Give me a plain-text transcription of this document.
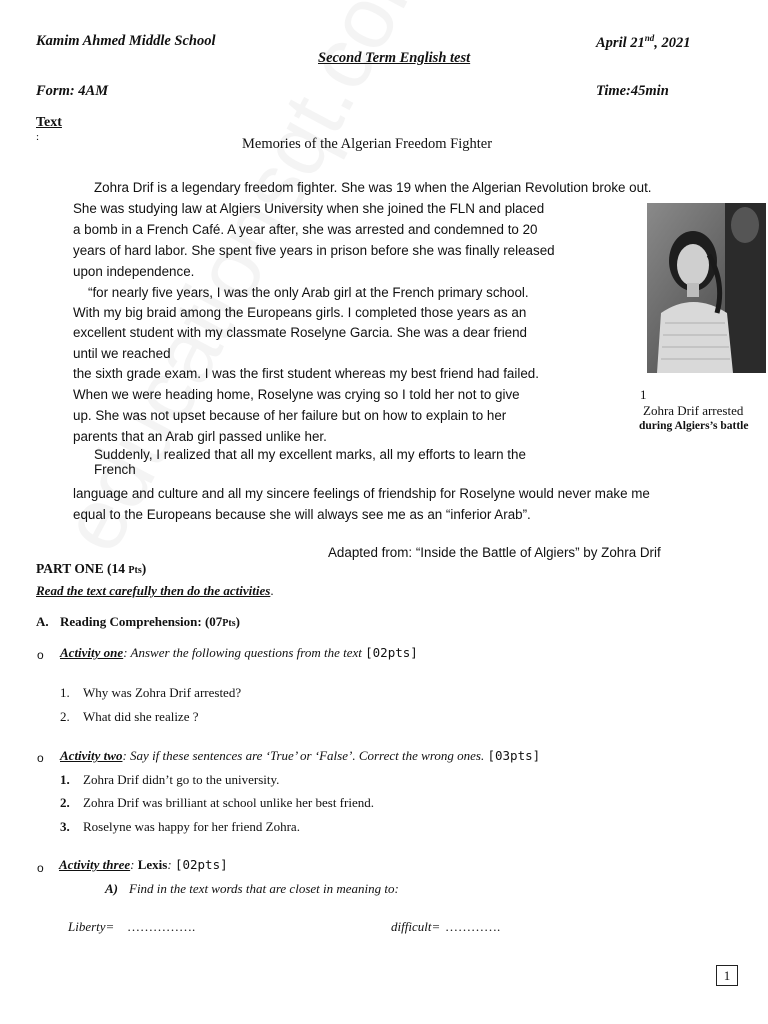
Kamim Ahmed Middle School	April 21nd, 2021
Second Term English test
Form: 4AM	Time:45min
Text
:	Memories of the Algerian Freedom Fighter
Zohra Drif is a legendary freedom fighter. She was 19 when the Algerian Revolution broke out.
She was studying law at Algiers University when she joined the FLN and placed
a bomb in a French Café. A year after, she was arrested and condemned to 20
years of hard labor. She spent five years in prison before she was finally released
upon independence.
“for nearly five years, I was the only Arab girl at the French primary school.
With my big braid among the Europeans girls. I completed those years as an
excellent student with my classmate Roselyne Garcia. She was a dear friend
until we reached
the sixth grade exam. I was the first student whereas my best friend had failed.
When we were heading home, Roselyne was crying so I told her not to give
up. She was not upset because of her failure but on how to explain to her
parents that an Arab girl passed unlike her.
Suddenly, I realized that all my excellent marks, all my efforts to learn the
French
language and culture and all my sincere feelings of friendship for Roselyne would never make me
equal to the Europeans because she will always see me as an “inferior Arab”.
Adapted from: “Inside the Battle of Algiers” by Zohra Drif
1
Zohra Drif arrested
during Algiers’s battle
PART ONE (14 Pts)
Read the text carefully then do the activities.
A. Reading Comprehension: (07Pts)
o Activity one: Answer the following questions from the text [02pts]
1. Why was Zohra Drif arrested?
2. What did she realize ?
o Activity two: Say if these sentences are ‘True’ or ‘False’. Correct the wrong ones. [03pts]
1. Zohra Drif didn’t go to the university.
2. Zohra Drif was brilliant at school unlike her best friend.
3. Roselyne was happy for her friend Zohra.
o Activity three: Lexis: [02pts]
A) Find in the text words that are closet in meaning to:
Liberty= …………….	difficult= ………….
1
